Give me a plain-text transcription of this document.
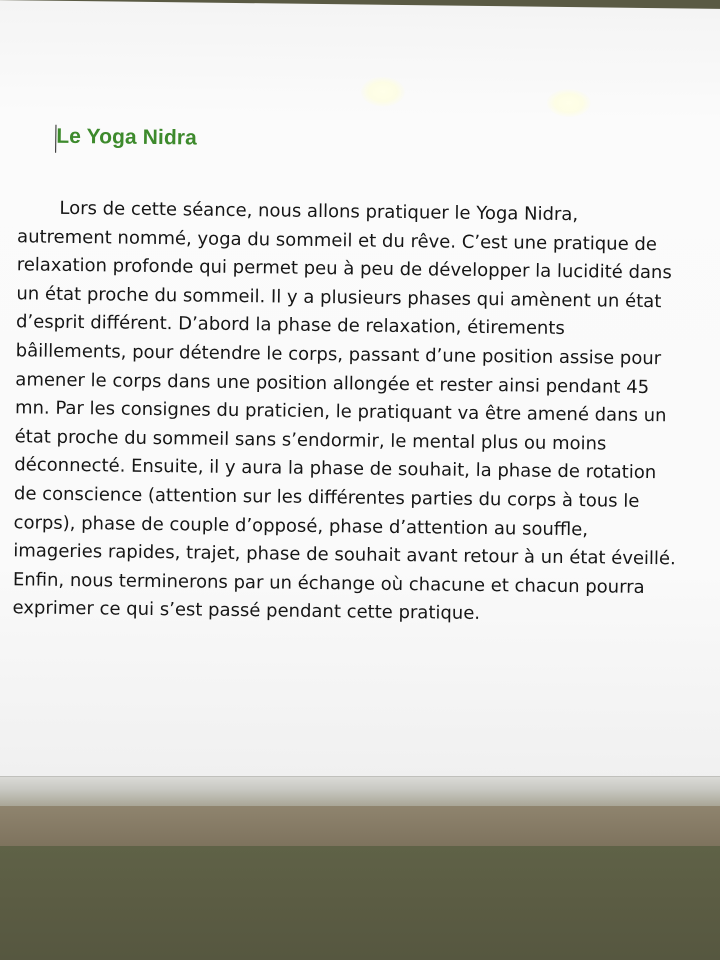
Le Yoga Nidra

Lors de cette séance, nous allons pratiquer le Yoga Nidra,
autrement nommé, yoga du sommeil et du rêve. C’est une pratique de
relaxation profonde qui permet peu à peu de développer la lucidité dans
un état proche du sommeil. Il y a plusieurs phases qui amènent un état
d’esprit différent. D’abord la phase de relaxation, étirements
bâillements, pour détendre le corps, passant d’une position assise pour
amener le corps dans une position allongée et rester ainsi pendant 45
mn. Par les consignes du praticien, le pratiquant va être amené dans un
état proche du sommeil sans s’endormir, le mental plus ou moins
déconnecté. Ensuite, il y aura la phase de souhait, la phase de rotation
de conscience (attention sur les différentes parties du corps à tous le
corps), phase de couple d’opposé, phase d’attention au souffle,
imageries rapides, trajet, phase de souhait avant retour à un état éveillé.
Enfin, nous terminerons par un échange où chacune et chacun pourra
exprimer ce qui s’est passé pendant cette pratique.
